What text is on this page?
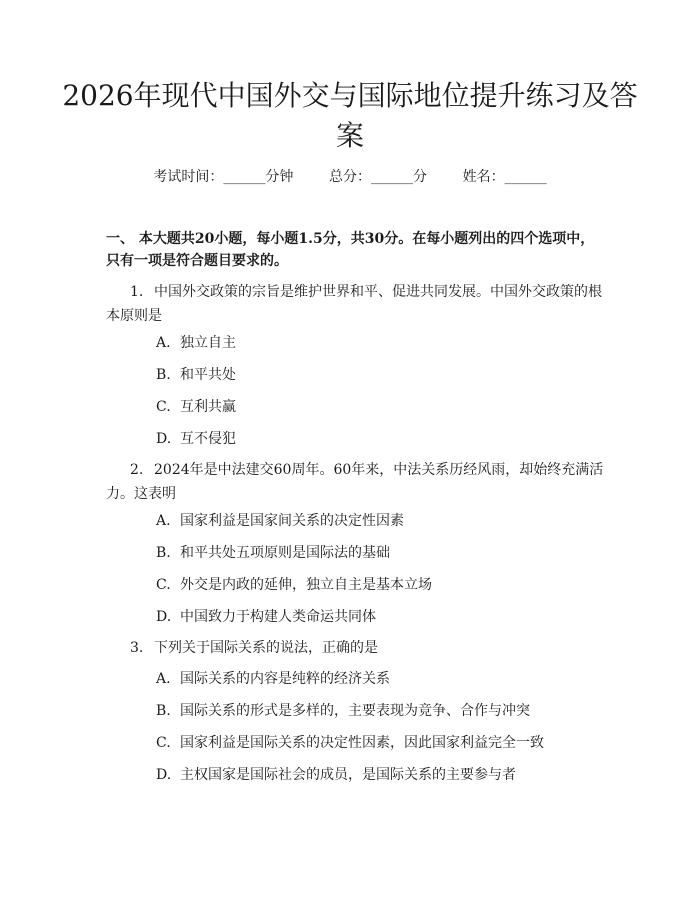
2026年现代中国外交与国际地位提升练习及答案
考试时间：______分钟	总分：______分	姓名：______

一、 本大题共20小题，每小题1.5分，共30分。在每小题列出的四个选项中，只有一项是符合题目要求的。

1. 中国外交政策的宗旨是维护世界和平、促进共同发展。中国外交政策的根本原则是

A. 独立自主

B. 和平共处

C. 互利共赢

D. 互不侵犯

2. 2024年是中法建交60周年。60年来，中法关系历经风雨，却始终充满活力。这表明

A. 国家利益是国家间关系的决定性因素

B. 和平共处五项原则是国际法的基础

C. 外交是内政的延伸，独立自主是基本立场

D. 中国致力于构建人类命运共同体

3. 下列关于国际关系的说法，正确的是

A. 国际关系的内容是纯粹的经济关系

B. 国际关系的形式是多样的，主要表现为竞争、合作与冲突

C. 国家利益是国际关系的决定性因素，因此国家利益完全一致

D. 主权国家是国际社会的成员，是国际关系的主要参与者
